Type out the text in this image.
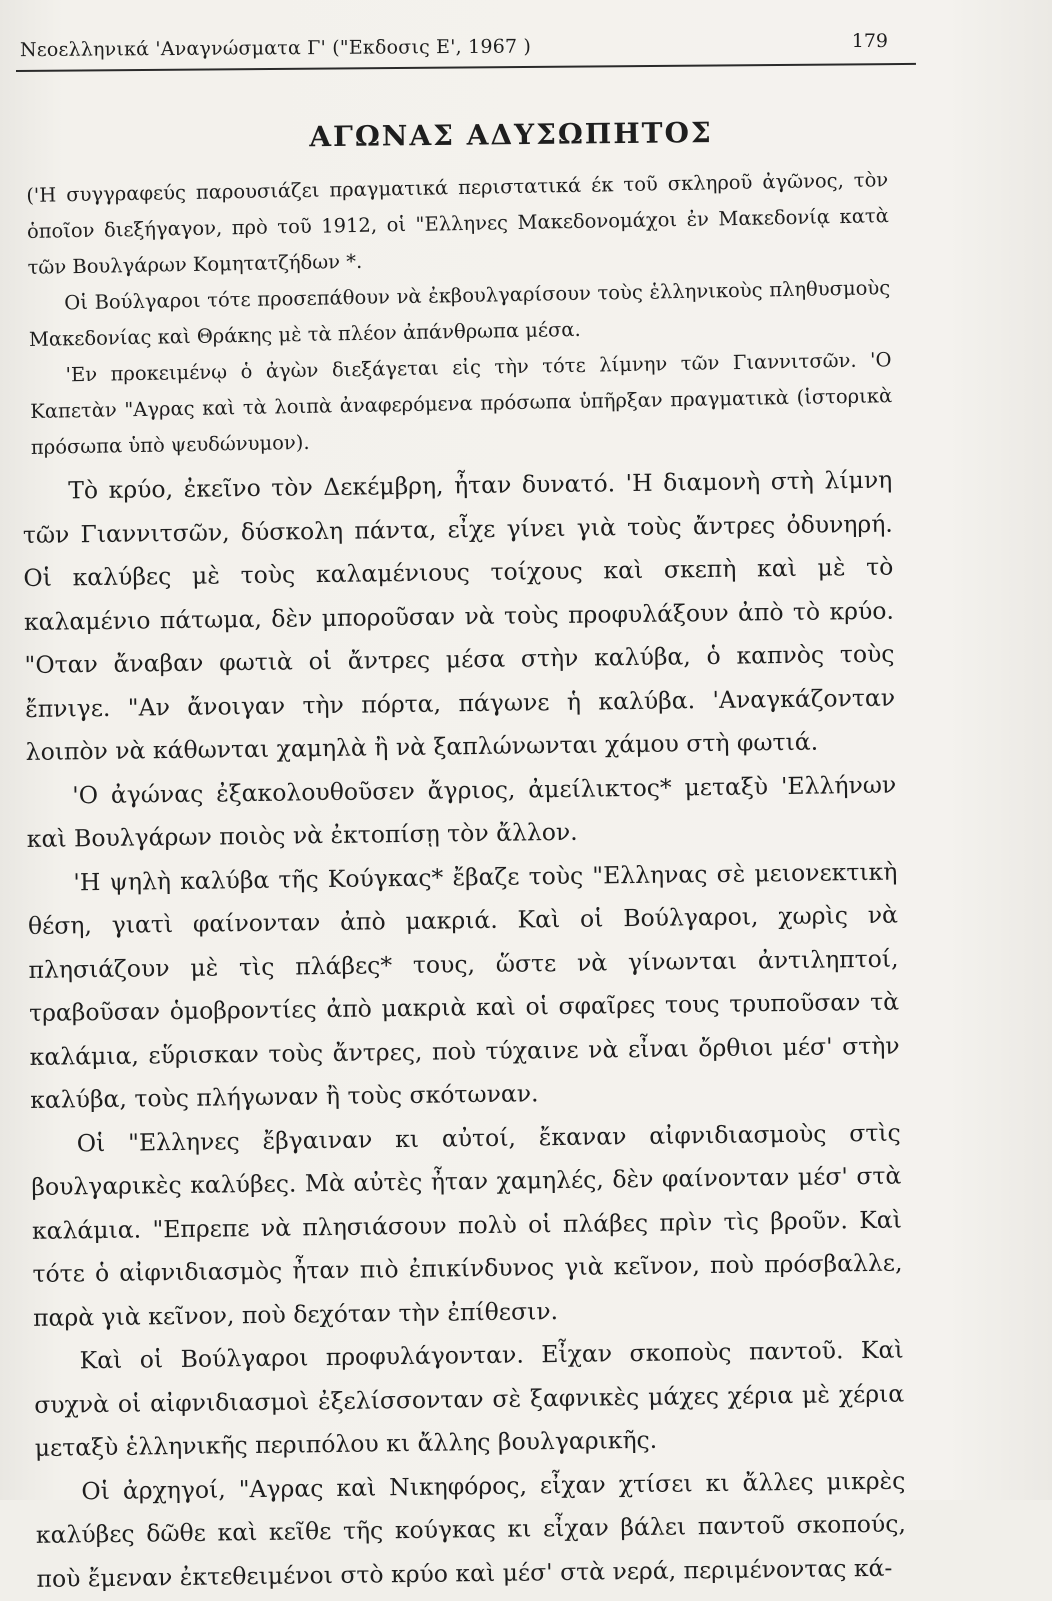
Νεοελληνικά 'Αναγνώσματα Γ' ("Εκδοσις Ε', 1967 )	179
ΑΓΩΝΑΣ ΑΔΥΣΩΠΗΤΟΣ

('Η συγγραφεύς παρουσιάζει πραγματικά περιστατικά έκ τοῦ σκληροῦ ἀγῶνος, τὸν ὁποῖον διεξήγαγον, πρὸ τοῦ 1912, οἱ "Ελληνες Μακεδονομάχοι ἐν Μακεδονίᾳ κατὰ τῶν Βουλγάρων Κομητατζήδων *.

Οἱ Βούλγαροι τότε προσεπάθουν νὰ ἐκβουλγαρίσουν τοὺς ἑλληνικοὺς πληθυσμοὺς Μακεδονίας καὶ Θράκης μὲ τὰ πλέον ἀπάνθρωπα μέσα.

'Εν προκειμένῳ ὁ ἀγὼν διεξάγεται εἰς τὴν τότε λίμνην τῶν Γιαννιτσῶν. 'Ο Καπετὰν "Αγρας καὶ τὰ λοιπὰ ἀναφερόμενα πρόσωπα ὑπῆρξαν πραγματικὰ (ἱστορικὰ πρόσωπα ὑπὸ ψευδώνυμον).

Τὸ κρύο, ἐκεῖνο τὸν Δεκέμβρη, ἦταν δυνατό. 'Η διαμονὴ στὴ λίμνη τῶν Γιαννιτσῶν, δύσκολη πάντα, εἶχε γίνει γιὰ τοὺς ἄντρες ὀδυνηρή. Οἱ καλύβες μὲ τοὺς καλαμένιους τοίχους καὶ σκεπὴ καὶ μὲ τὸ καλαμένιο πάτωμα, δὲν μποροῦσαν νὰ τοὺς προφυλάξουν ἀπὸ τὸ κρύο. "Οταν ἄναβαν φωτιὰ οἱ ἄντρες μέσα στὴν καλύβα, ὁ καπνὸς τοὺς ἔπνιγε. "Αν ἄνοιγαν τὴν πόρτα, πάγωνε ἡ καλύβα. 'Αναγκάζονταν λοιπὸν νὰ κάθωνται χαμηλὰ ἢ νὰ ξαπλώνωνται χάμου στὴ φωτιά.

'Ο ἀγώνας ἐξακολουθοῦσεν ἄγριος, ἀμείλικτος* μεταξὺ 'Ελλήνων καὶ Βουλγάρων ποιὸς νὰ ἐκτοπίσῃ τὸν ἄλλον.

'Η ψηλὴ καλύβα τῆς Κούγκας* ἔβαζε τοὺς "Ελληνας σὲ μειονεκτικὴ θέση, γιατὶ φαίνονταν ἀπὸ μακριά. Καὶ οἱ Βούλγαροι, χωρὶς νὰ πλησιάζουν μὲ τὶς πλάβες* τους, ὥστε νὰ γίνωνται ἀντιληπτοί, τραβοῦσαν ὁμοβροντίες ἀπὸ μακριὰ καὶ οἱ σφαῖρες τους τρυποῦσαν τὰ καλάμια, εὕρισκαν τοὺς ἄντρες, ποὺ τύχαινε νὰ εἶναι ὄρθιοι μέσ' στὴν καλύβα, τοὺς πλήγωναν ἢ τοὺς σκότωναν.

Οἱ "Ελληνες ἔβγαιναν κι αὐτοί, ἔκαναν αἰφνιδιασμοὺς στὶς βουλγαρικὲς καλύβες. Μὰ αὐτὲς ἦταν χαμηλές, δὲν φαίνονταν μέσ' στὰ καλάμια. "Επρεπε νὰ πλησιάσουν πολὺ οἱ πλάβες πρὶν τὶς βροῦν. Καὶ τότε ὁ αἰφνιδιασμὸς ἦταν πιὸ ἐπικίνδυνος γιὰ κεῖνον, ποὺ πρόσβαλλε, παρὰ γιὰ κεῖνον, ποὺ δεχόταν τὴν ἐπίθεσιν.

Καὶ οἱ Βούλγαροι προφυλάγονταν. Εἶχαν σκοποὺς παντοῦ. Καὶ συχνὰ οἱ αἰφνιδιασμοὶ ἐξελίσσονταν σὲ ξαφνικὲς μάχες χέρια μὲ χέρια μεταξὺ ἑλληνικῆς περιπόλου κι ἄλλης βουλγαρικῆς.

Οἱ ἀρχηγοί, "Αγρας καὶ Νικηφόρος, εἶχαν χτίσει κι ἄλλες μικρὲς καλύβες δῶθε καὶ κεῖθε τῆς κούγκας κι εἶχαν βάλει παντοῦ σκοπούς, ποὺ ἔμεναν ἐκτεθειμένοι στὸ κρύο καὶ μέσ' στὰ νερά, περιμένοντας κά-
